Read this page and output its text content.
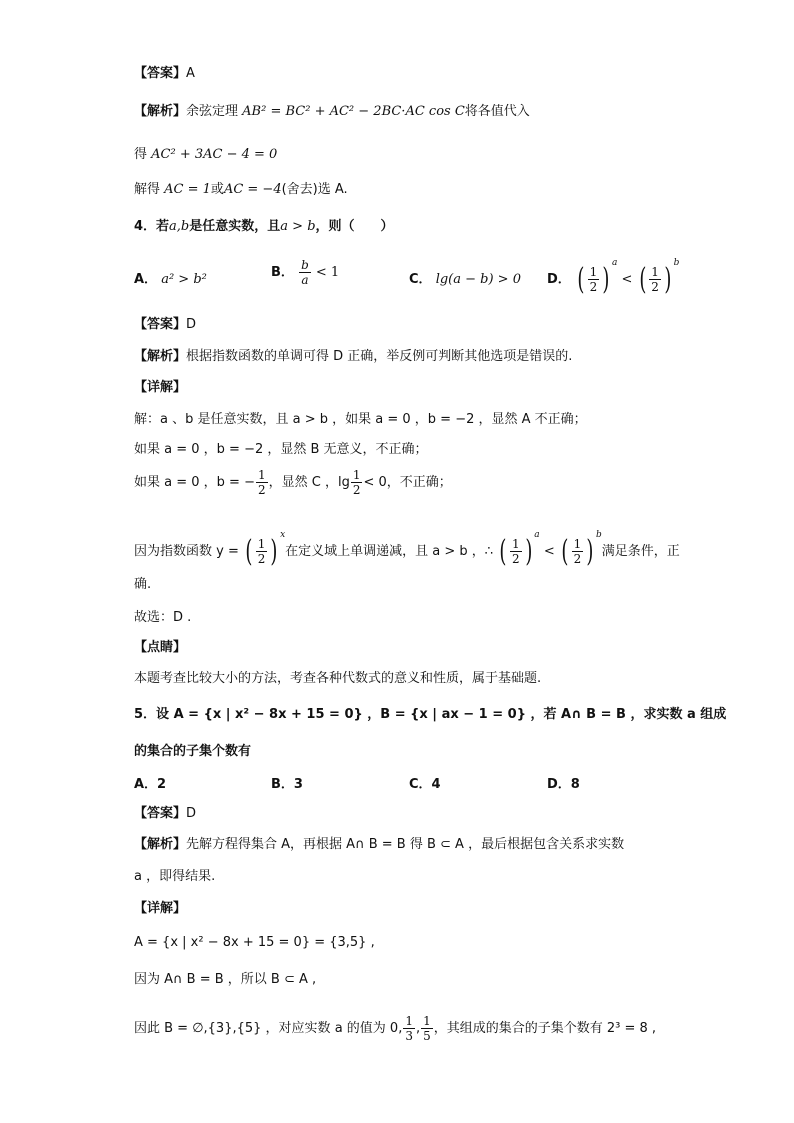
【答案】A
【解析】余弦定理 AB² = BC² + AC² − 2BC·AC cos C将各值代入
得 AC² + 3AC − 4 = 0
解得 AC = 1或AC = −4(舍去)选 A.
4．若a,b是任意实数，且a > b，则（　　）
A． a² > b²	B． $\frac{b}{a} < 1$	C． lg(a − b) > 0 D． ( $\frac{1}{2}$ ) $^a$ < ( $\frac{1}{2}$ ) $^b$
【答案】D
【解析】根据指数函数的单调可得 D 正确，举反例可判断其他选项是错误的.
【详解】
解：a 、b 是任意实数，且 a > b ，如果 a = 0 ，b = −2 ，显然 A 不正确；
如果 a = 0 ，b = −2 ，显然 B 无意义，不正确；
如果 a = 0 ，b = − $\frac{1}{2}$ ，显然 C ，$\lg \frac{1}{2} < 0$，不正确；
因为指数函数 y = ( $\frac{1}{2}$ ) $^x$在定义域上单调递减，且 a > b ，∴ ( $\frac{1}{2}$ ) $^a$ < ( $\frac{1}{2}$ ) $^b$满足条件，正
确.
故选：D .
【点睛】
本题考查比较大小的方法，考查各种代数式的意义和性质，属于基础题.
5．设 A = {x | x² − 8x + 15 = 0} ，B = {x | ax − 1 = 0} ，若 A∩ B = B ，求实数 a 组成
的集合的子集个数有
A．2	B．3	C．4	D．8
【答案】D
【解析】先解方程得集合 A，再根据 A∩ B = B 得 B ⊂ A ，最后根据包含关系求实数
a ，即得结果.
【详解】
A = {x | x² − 8x + 15 = 0} = {3,5} ,
因为 A∩ B = B ，所以 B ⊂ A ,
因此 B = ∅,{3},{5} ，对应实数 a 的值为 0, $\frac{1}{3}$ , $\frac{1}{5}$ ，其组成的集合的子集个数有 2³ = 8 ,
